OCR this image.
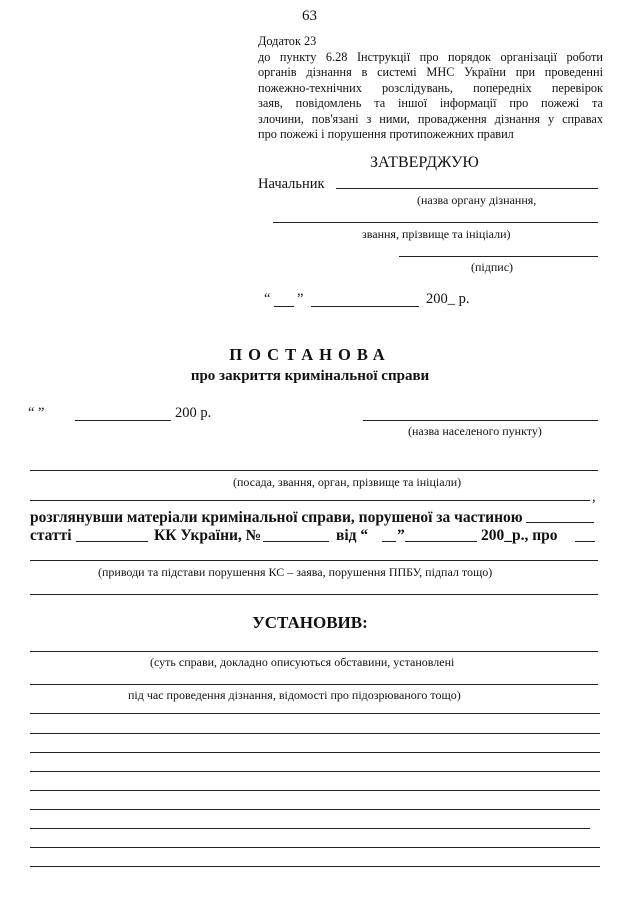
63
Додаток 23
до пункту 6.28 Інструкції про порядок організації роботи
органів дізнання в системі МНС України при проведенні
пожежно-технічних розслідувань, попередніх перевірок
заяв, повідомлень та іншої інформації про пожежі та
злочини, пов'язані з ними, провадження дізнання у справах
про пожежі і порушення протипожежних правил
ЗАТВЕРДЖУЮ
Начальник
(назва органу дізнання,
звання, прізвище та ініціали)
(підпис)
“ ”	200_ р.
ПОСТАНОВА
про закриття кримінальної справи
“ ”	200 р.
(назва населеного пункту)
(посада, звання, орган, прізвище та ініціали)
,
розглянувши матеріали кримінальної справи, порушеної за частиною
статті	КК України, №	від “ ”	200_р., про
(приводи та підстави порушення КС – заява, порушення ППБУ, підпал тощо)
УСТАНОВИВ:
(суть справи, докладно описуються обставини, установлені
під час проведення дізнання, відомості про підозрюваного тощо)
